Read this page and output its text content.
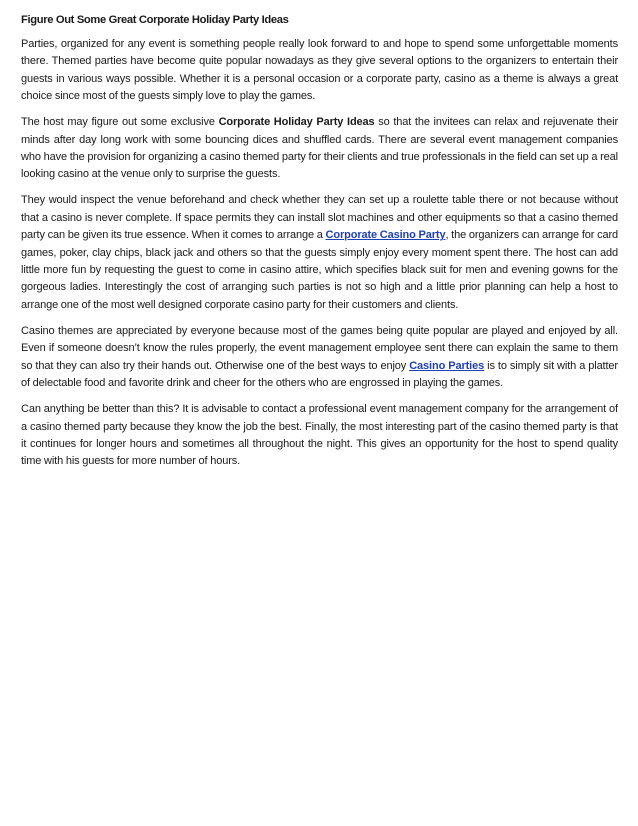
Figure Out Some Great Corporate Holiday Party Ideas

Parties, organized for any event is something people really look forward to and hope to spend some unforgettable moments there. Themed parties have become quite popular nowadays as they give several options to the organizers to entertain their guests in various ways possible. Whether it is a personal occasion or a corporate party, casino as a theme is always a great choice since most of the guests simply love to play the games.

The host may figure out some exclusive Corporate Holiday Party Ideas so that the invitees can relax and rejuvenate their minds after day long work with some bouncing dices and shuffled cards. There are several event management companies who have the provision for organizing a casino themed party for their clients and true professionals in the field can set up a real looking casino at the venue only to surprise the guests.

They would inspect the venue beforehand and check whether they can set up a roulette table there or not because without that a casino is never complete. If space permits they can install slot machines and other equipments so that a casino themed party can be given its true essence. When it comes to arrange a Corporate Casino Party, the organizers can arrange for card games, poker, clay chips, black jack and others so that the guests simply enjoy every moment spent there. The host can add little more fun by requesting the guest to come in casino attire, which specifies black suit for men and evening gowns for the gorgeous ladies. Interestingly the cost of arranging such parties is not so high and a little prior planning can help a host to arrange one of the most well designed corporate casino party for their customers and clients.

Casino themes are appreciated by everyone because most of the games being quite popular are played and enjoyed by all. Even if someone doesn’t know the rules properly, the event management employee sent there can explain the same to them so that they can also try their hands out. Otherwise one of the best ways to enjoy Casino Parties is to simply sit with a platter of delectable food and favorite drink and cheer for the others who are engrossed in playing the games.

Can anything be better than this? It is advisable to contact a professional event management company for the arrangement of a casino themed party because they know the job the best. Finally, the most interesting part of the casino themed party is that it continues for longer hours and sometimes all throughout the night. This gives an opportunity for the host to spend quality time with his guests for more number of hours.
